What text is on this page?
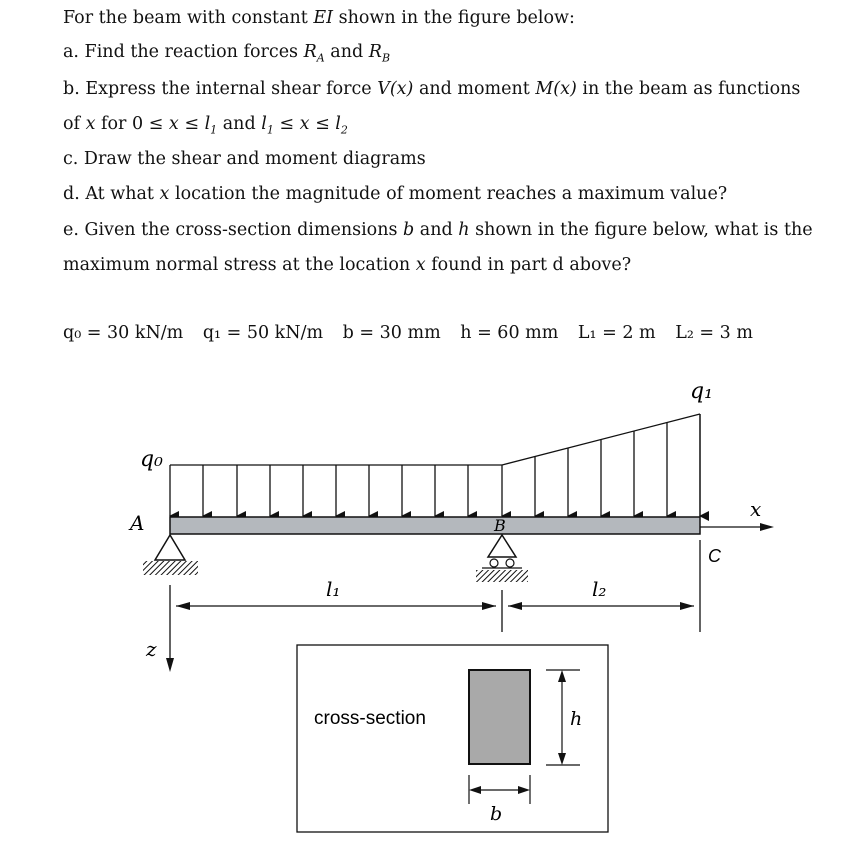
For the beam with constant EI shown in the figure below:
a. Find the reaction forces $R_A$ and $R_B$
b. Express the internal shear force V(x) and moment M(x) in the beam as functions
of x for $0 \le x \le l_1$ and $l_1 \le x \le l_2$
c. Draw the shear and moment diagrams
d. At what x location the magnitude of moment reaches a maximum value?
e. Given the cross-section dimensions b and h shown in the figure below, what is the
maximum normal stress at the location x found in part d above?
q₀ = 30 kN/m q₁ = 50 kN/m b = 30 mm h = 60 mm L₁ = 2 m L₂ = 3 m
q₀
q₁
A	B
C
x
z
l₁	l₂
cross-section	h
b
